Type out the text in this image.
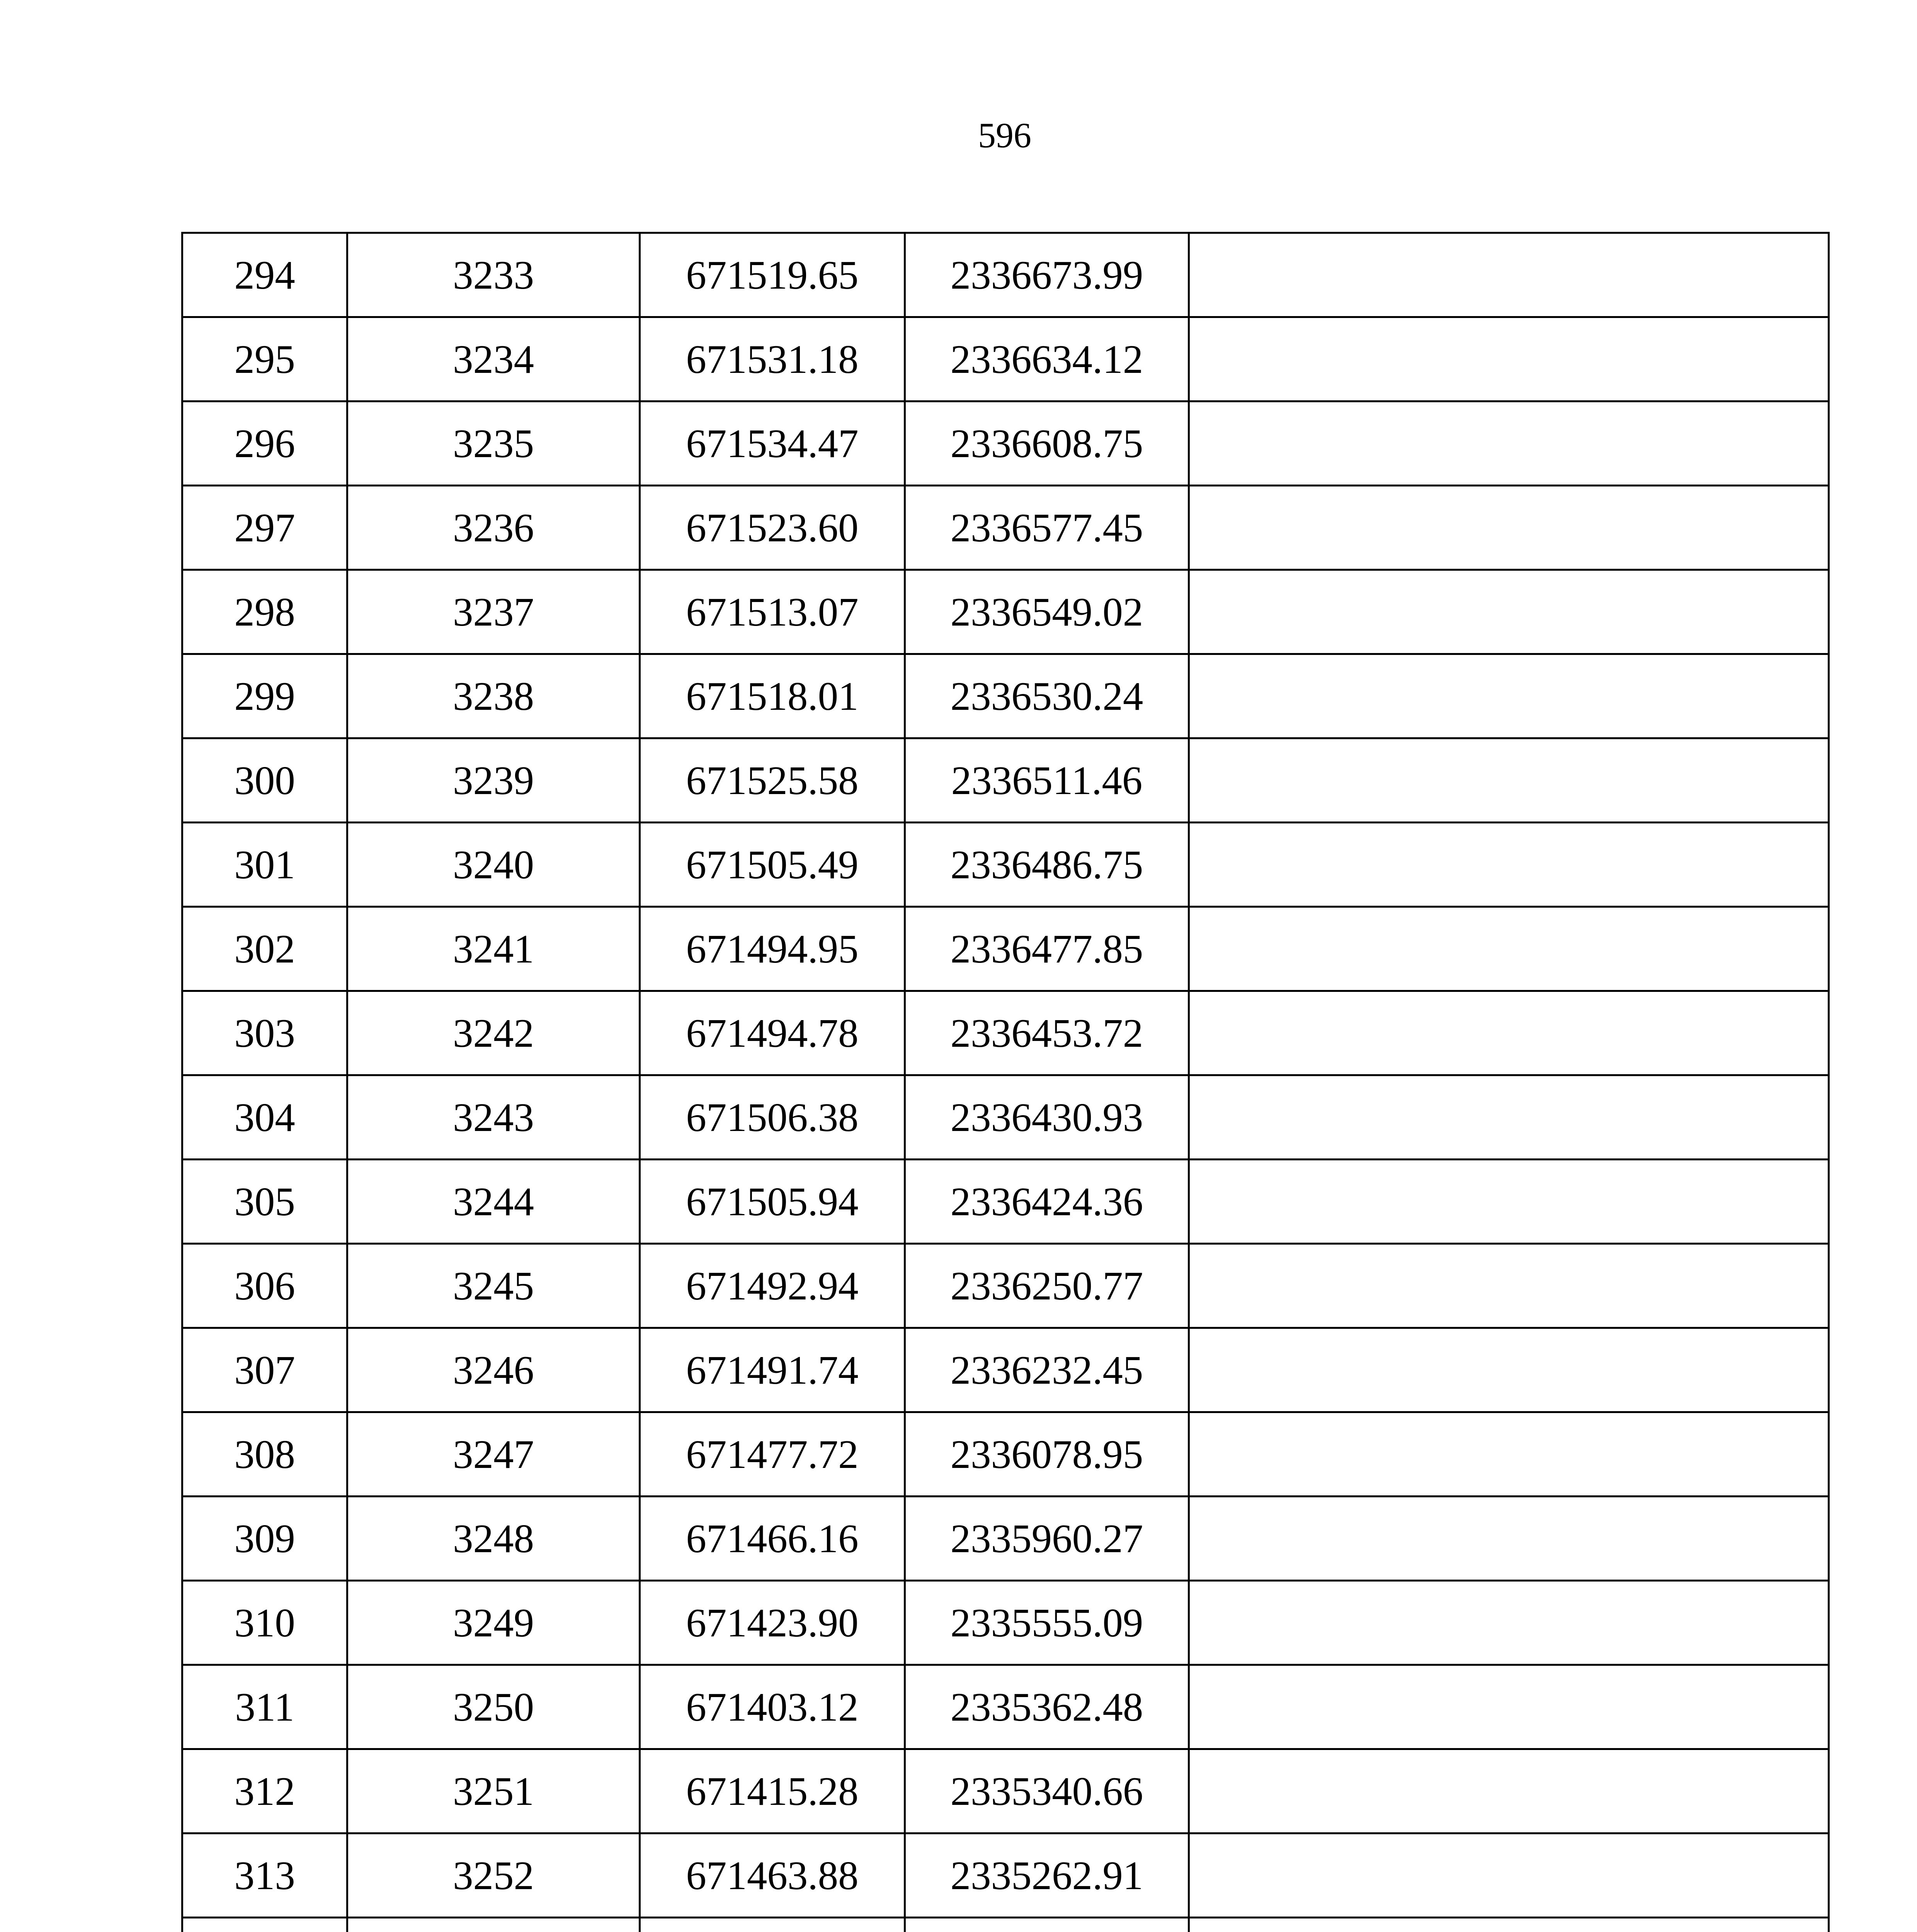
596
294	3233	671519.65	2336673.99	
295	3234	671531.18	2336634.12	
296	3235	671534.47	2336608.75	
297	3236	671523.60	2336577.45	
298	3237	671513.07	2336549.02	
299	3238	671518.01	2336530.24	
300	3239	671525.58	2336511.46	
301	3240	671505.49	2336486.75	
302	3241	671494.95	2336477.85	
303	3242	671494.78	2336453.72	
304	3243	671506.38	2336430.93	
305	3244	671505.94	2336424.36	
306	3245	671492.94	2336250.77	
307	3246	671491.74	2336232.45	
308	3247	671477.72	2336078.95	
309	3248	671466.16	2335960.27	
310	3249	671423.90	2335555.09	
311	3250	671403.12	2335362.48	
312	3251	671415.28	2335340.66	
313	3252	671463.88	2335262.91	
